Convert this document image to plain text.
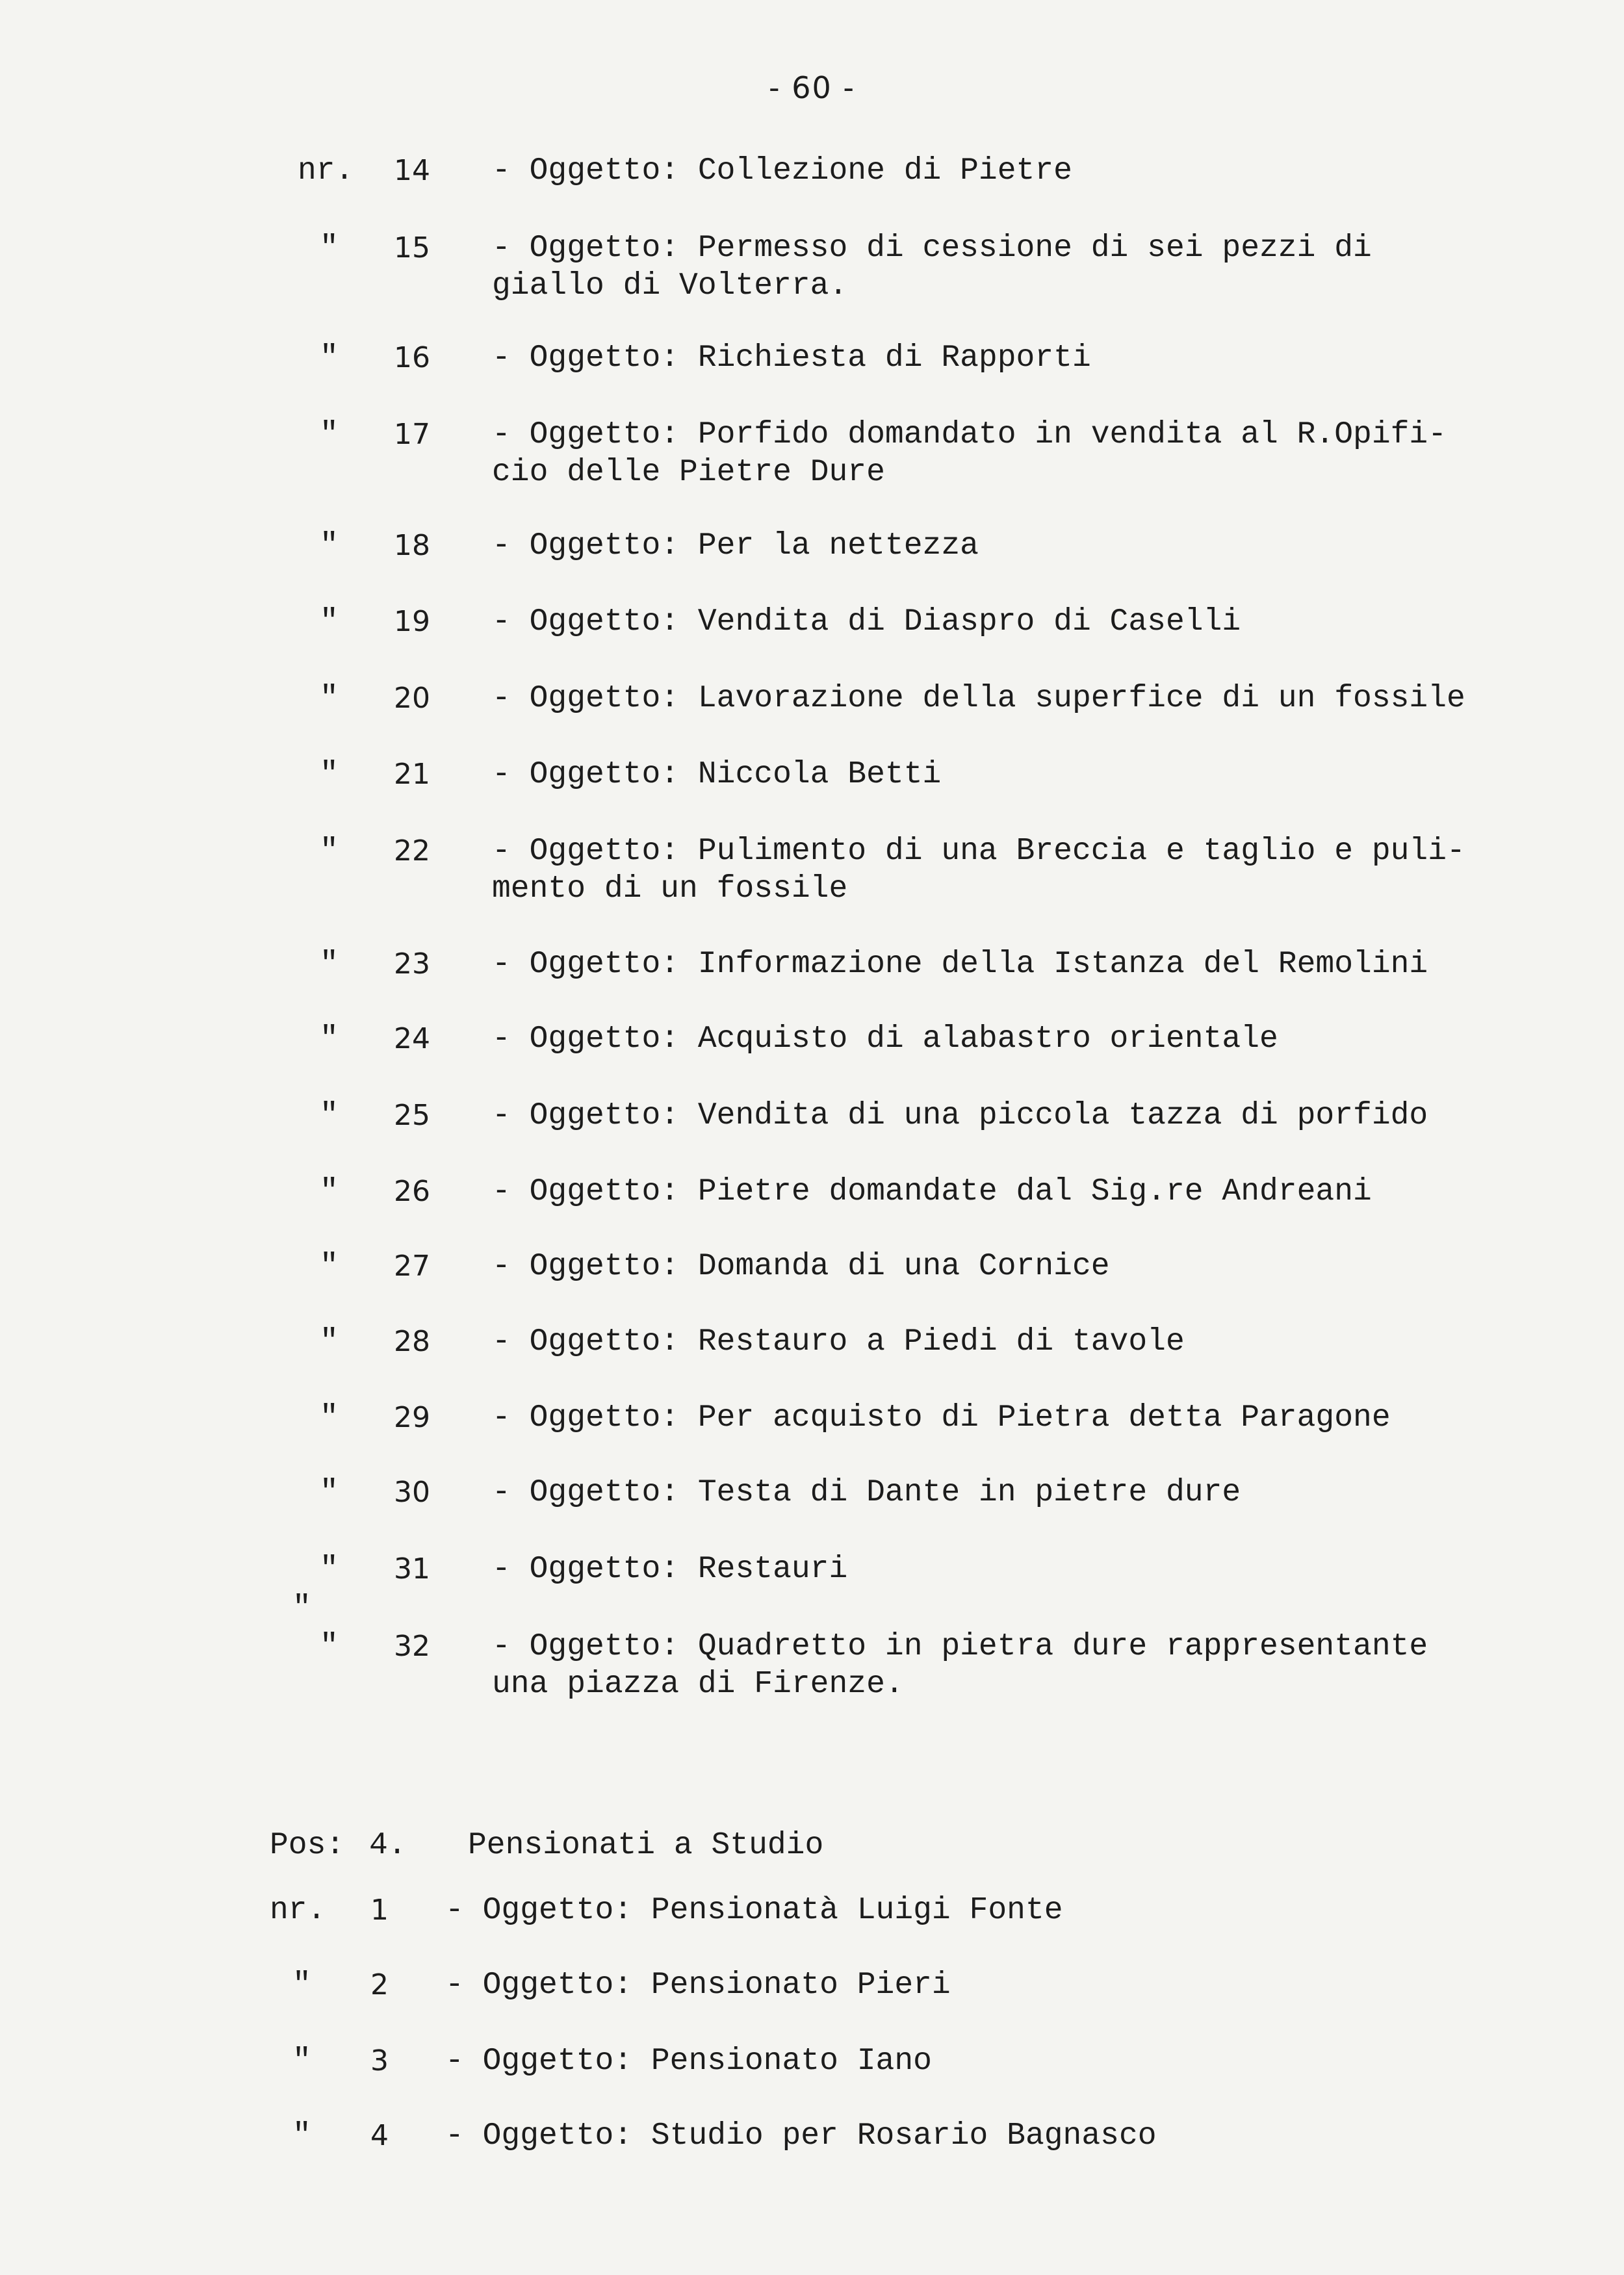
- 60 -
nr. 14 - Oggetto: Collezione di Pietre
" 15 - Oggetto: Permesso di cessione di sei pezzi di
giallo di Volterra.
" 16 - Oggetto: Richiesta di Rapporti
" 17 - Oggetto: Porfido domandato in vendita al R.Opifi-
cio delle Pietre Dure
" 18 - Oggetto: Per la nettezza
" 19 - Oggetto: Vendita di Diaspro di Caselli
" 20 - Oggetto: Lavorazione della superfice di un fossile
" 21 - Oggetto: Niccola Betti
" 22 - Oggetto: Pulimento di una Breccia e taglio e puli-
mento di un fossile
" 23 - Oggetto: Informazione della Istanza del Remolini
" 24 - Oggetto: Acquisto di alabastro orientale
" 25 - Oggetto: Vendita di una piccola tazza di porfido
" 26 - Oggetto: Pietre domandate dal Sig.re Andreani
" 27 - Oggetto: Domanda di una Cornice
" 28 - Oggetto: Restauro a Piedi di tavole
" 29 - Oggetto: Per acquisto di Pietra detta Paragone
" 30 - Oggetto: Testa di Dante in pietre dure
" 31 - Oggetto: Restauri
" 32 - Oggetto: Quadretto in pietra dure rappresentante
una piazza di Firenze.
"
Pos: 4. Pensionati a Studio
nr. 1 - Oggetto: Pensionatà Luigi Fonte
" 2 - Oggetto: Pensionato Pieri
" 3 - Oggetto: Pensionato Iano
" 4 - Oggetto: Studio per Rosario Bagnasco
